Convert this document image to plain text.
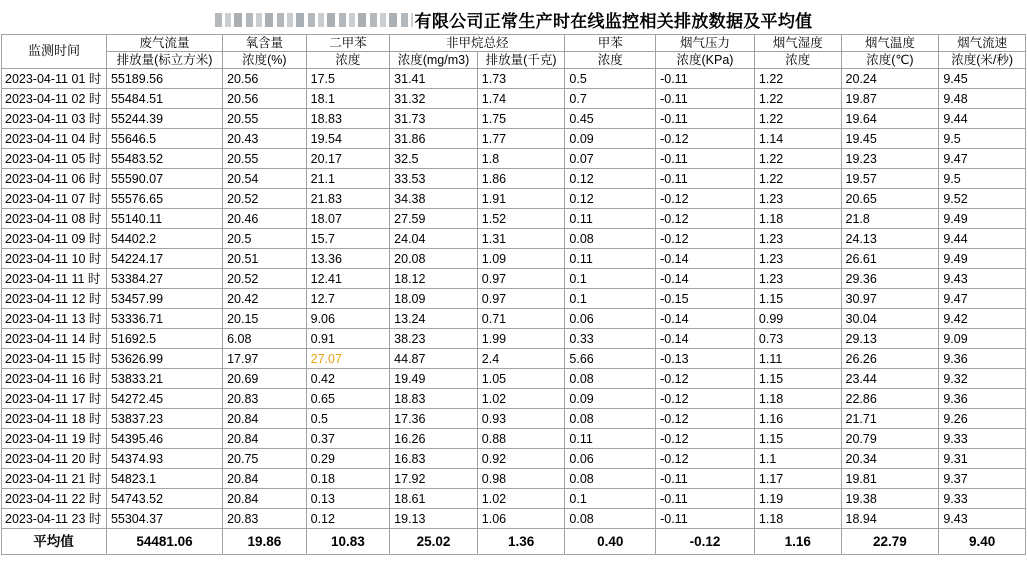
有限公司正常生产时在线监控相关排放数据及平均值
监测时间	废气流量	氧含量	二甲苯	非甲烷总烃		甲苯	烟气压力	烟气湿度	烟气温度	烟气流速
	排放量(标立方米)	浓度(%)	浓度	浓度(mg/m3)	排放量(千克)	浓度	浓度(KPa)	浓度	浓度(℃)	浓度(米/秒)
2023-04-11 01 时	55189.56	20.56	17.5	31.41	1.73	0.5	-0.11	1.22	20.24	9.45
2023-04-11 02 时	55484.51	20.56	18.1	31.32	1.74	0.7	-0.11	1.22	19.87	9.48
2023-04-11 03 时	55244.39	20.55	18.83	31.73	1.75	0.45	-0.11	1.22	19.64	9.44
2023-04-11 04 时	55646.5	20.43	19.54	31.86	1.77	0.09	-0.12	1.14	19.45	9.5
2023-04-11 05 时	55483.52	20.55	20.17	32.5	1.8	0.07	-0.11	1.22	19.23	9.47
2023-04-11 06 时	55590.07	20.54	21.1	33.53	1.86	0.12	-0.11	1.22	19.57	9.5
2023-04-11 07 时	55576.65	20.52	21.83	34.38	1.91	0.12	-0.12	1.23	20.65	9.52
2023-04-11 08 时	55140.11	20.46	18.07	27.59	1.52	0.11	-0.12	1.18	21.8	9.49
2023-04-11 09 时	54402.2	20.5	15.7	24.04	1.31	0.08	-0.12	1.23	24.13	9.44
2023-04-11 10 时	54224.17	20.51	13.36	20.08	1.09	0.11	-0.14	1.23	26.61	9.49
2023-04-11 11 时	53384.27	20.52	12.41	18.12	0.97	0.1	-0.14	1.23	29.36	9.43
2023-04-11 12 时	53457.99	20.42	12.7	18.09	0.97	0.1	-0.15	1.15	30.97	9.47
2023-04-11 13 时	53336.71	20.15	9.06	13.24	0.71	0.06	-0.14	0.99	30.04	9.42
2023-04-11 14 时	51692.5	6.08	0.91	38.23	1.99	0.33	-0.14	0.73	29.13	9.09
2023-04-11 15 时	53626.99	17.97	27.07	44.87	2.4	5.66	-0.13	1.11	26.26	9.36
2023-04-11 16 时	53833.21	20.69	0.42	19.49	1.05	0.08	-0.12	1.15	23.44	9.32
2023-04-11 17 时	54272.45	20.83	0.65	18.83	1.02	0.09	-0.12	1.18	22.86	9.36
2023-04-11 18 时	53837.23	20.84	0.5	17.36	0.93	0.08	-0.12	1.16	21.71	9.26
2023-04-11 19 时	54395.46	20.84	0.37	16.26	0.88	0.11	-0.12	1.15	20.79	9.33
2023-04-11 20 时	54374.93	20.75	0.29	16.83	0.92	0.06	-0.12	1.1	20.34	9.31
2023-04-11 21 时	54823.1	20.84	0.18	17.92	0.98	0.08	-0.11	1.17	19.81	9.37
2023-04-11 22 时	54743.52	20.84	0.13	18.61	1.02	0.1	-0.11	1.19	19.38	9.33
2023-04-11 23 时	55304.37	20.83	0.12	19.13	1.06	0.08	-0.11	1.18	18.94	9.43
平均值	54481.06	19.86	10.83	25.02	1.36	0.40	-0.12	1.16	22.79	9.40
